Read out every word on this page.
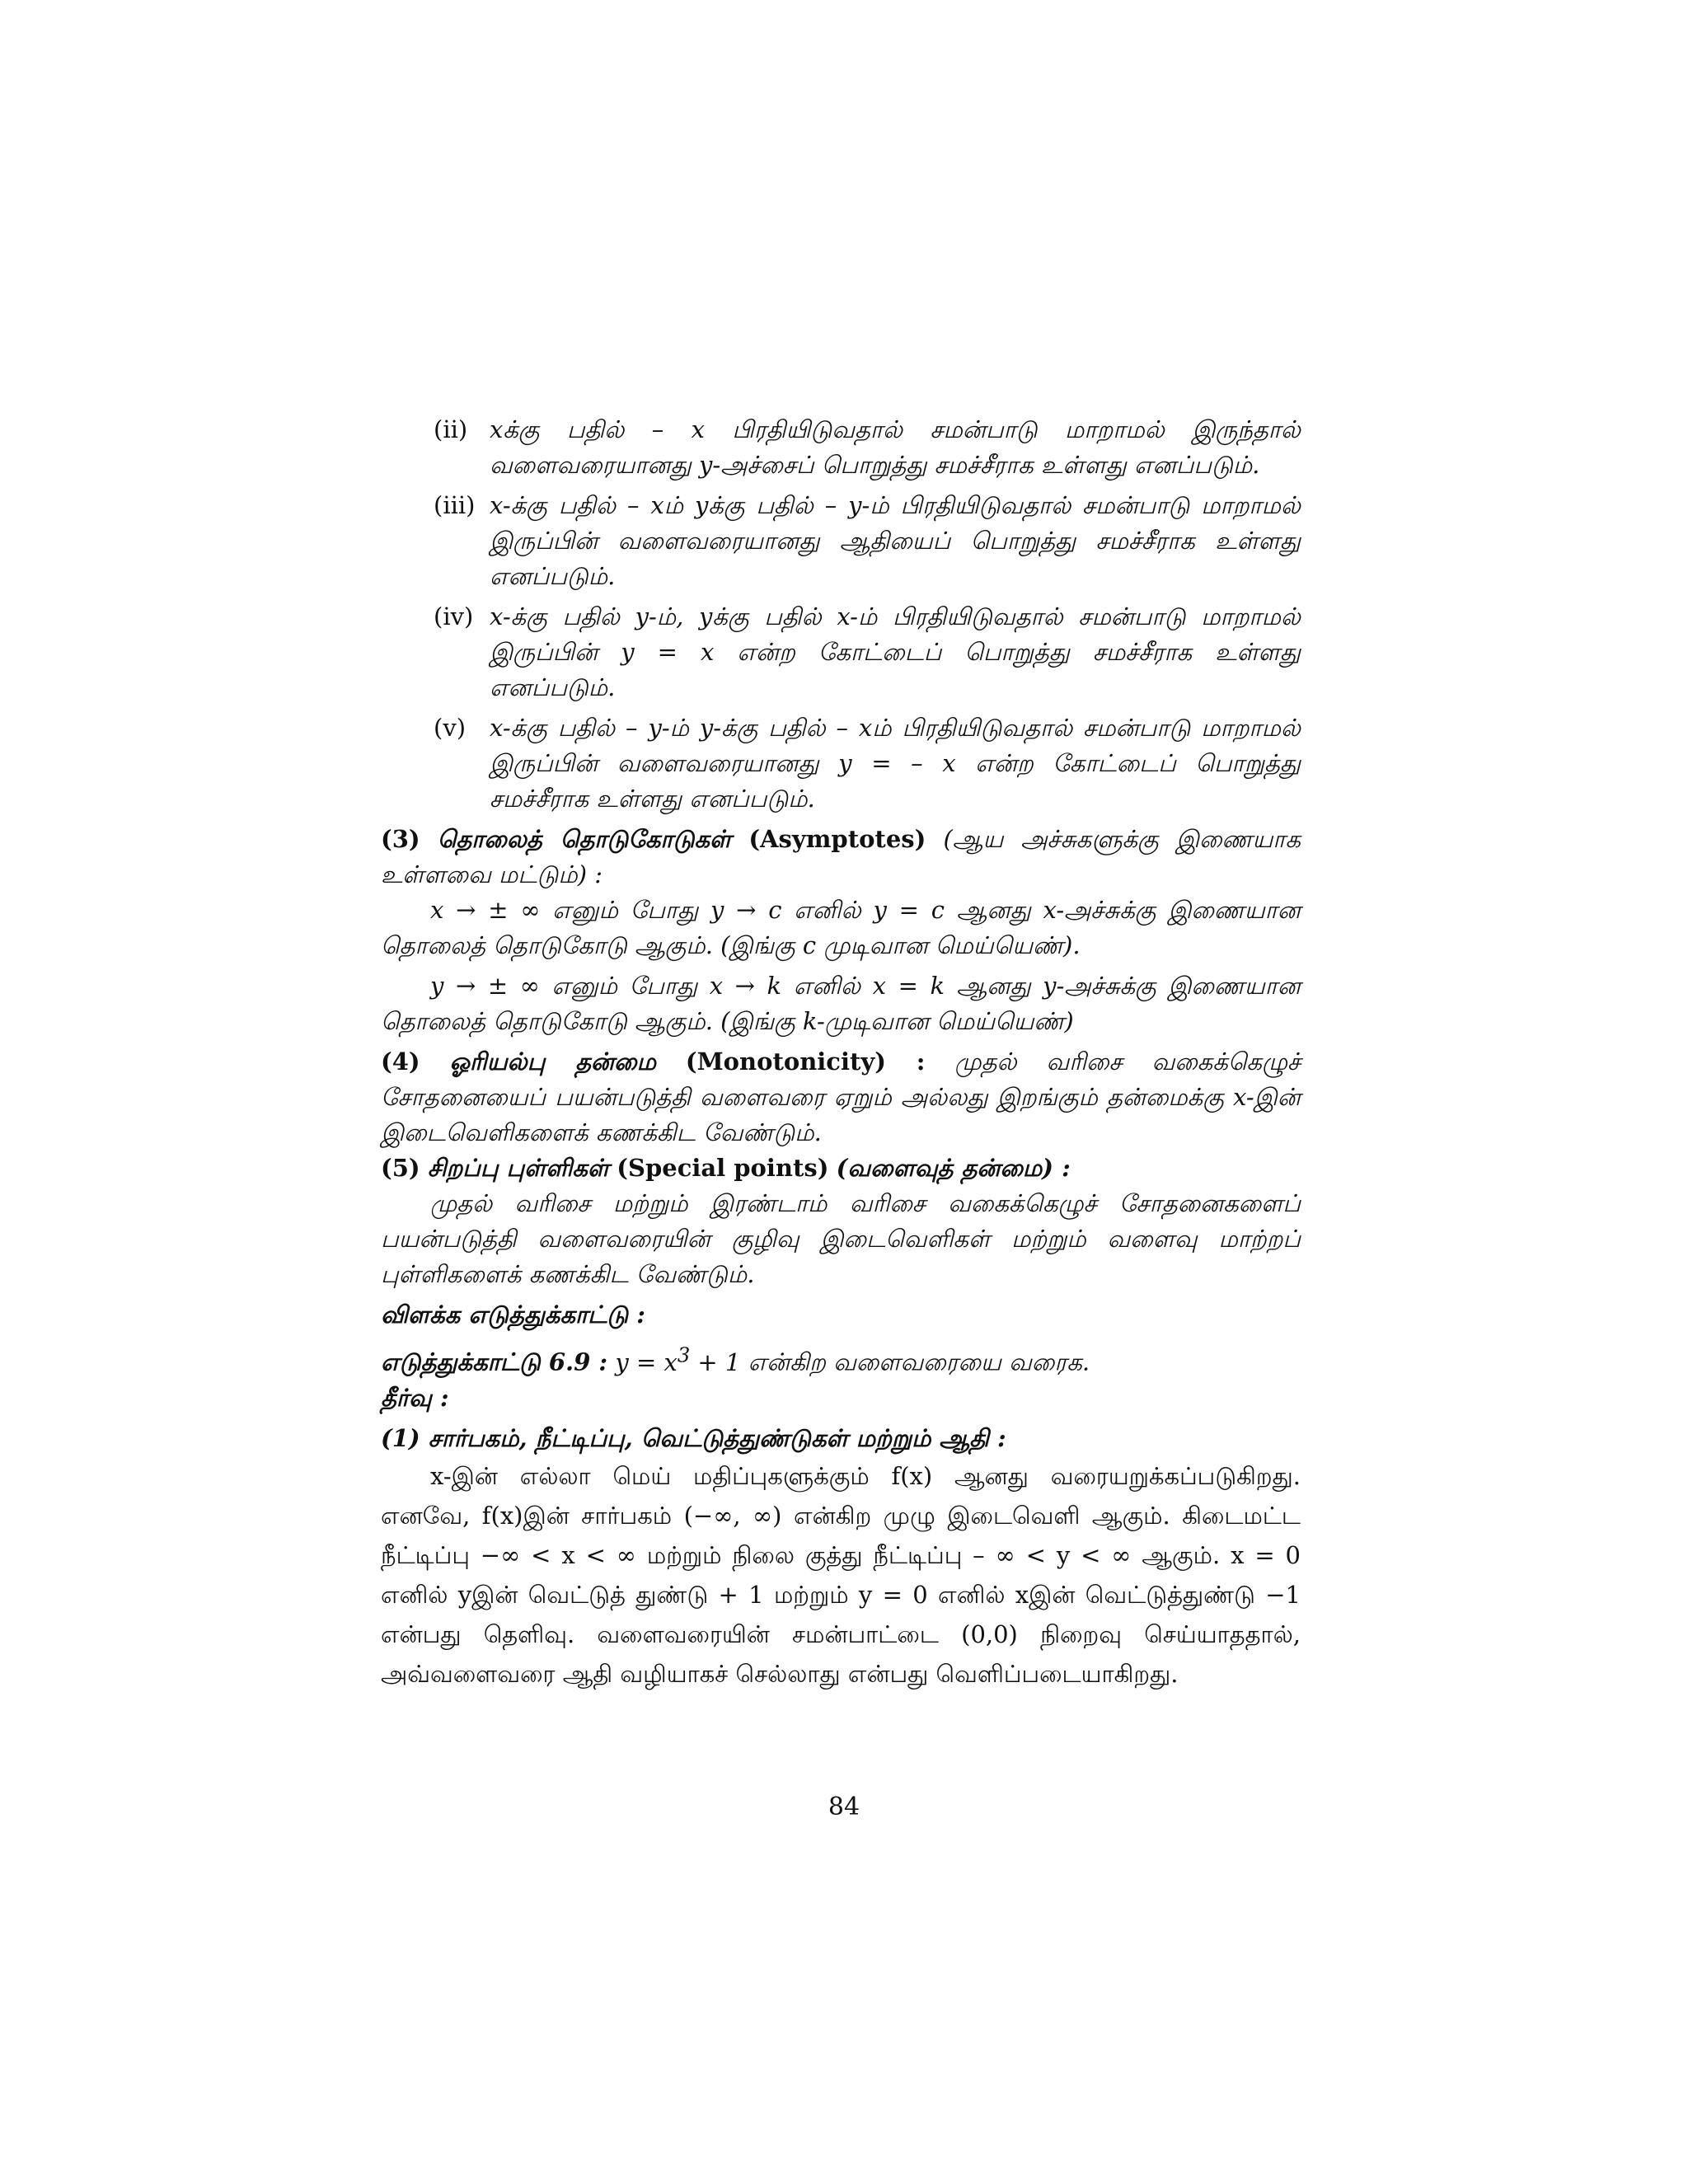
(ii) xக்கு பதில் – x பிரதியிடுவதால் சமன்பாடு மாறாமல் இருந்தால் வளைவரையானது y-அச்சைப் பொறுத்து சமச்சீராக உள்ளது எனப்படும்.
(iii) x-க்கு பதில் – xம் yக்கு பதில் – y-ம் பிரதியிடுவதால் சமன்பாடு மாறாமல் இருப்பின் வளைவரையானது ஆதியைப் பொறுத்து சமச்சீராக உள்ளது எனப்படும்.
(iv) x-க்கு பதில் y-ம், yக்கு பதில் x-ம் பிரதியிடுவதால் சமன்பாடு மாறாமல் இருப்பின் y = x என்ற கோட்டைப் பொறுத்து சமச்சீராக உள்ளது எனப்படும்.
(v) x-க்கு பதில் – y-ம் y-க்கு பதில் – xம் பிரதியிடுவதால் சமன்பாடு மாறாமல் இருப்பின் வளைவரையானது y = – x என்ற கோட்டைப் பொறுத்து சமச்சீராக உள்ளது எனப்படும்.

(3) தொலைத் தொடுகோடுகள் (Asymptotes) (ஆய அச்சுகளுக்கு இணையாக உள்ளவை மட்டும்) :

x → ± ∞ எனும் போது y → c எனில் y = c ஆனது x-அச்சுக்கு இணையான தொலைத் தொடுகோடு ஆகும். (இங்கு c முடிவான மெய்யெண்).

y → ± ∞ எனும் போது x → k எனில் x = k ஆனது y-அச்சுக்கு இணையான தொலைத் தொடுகோடு ஆகும். (இங்கு k-முடிவான மெய்யெண்)

(4) ஓரியல்பு தன்மை (Monotonicity) : முதல் வரிசை வகைக்கெழுச் சோதனையைப் பயன்படுத்தி வளைவரை ஏறும் அல்லது இறங்கும் தன்மைக்கு x-இன் இடைவெளிகளைக் கணக்கிட வேண்டும்.

(5) சிறப்பு புள்ளிகள் (Special points) (வளைவுத் தன்மை) :

முதல் வரிசை மற்றும் இரண்டாம் வரிசை வகைக்கெழுச் சோதனைகளைப் பயன்படுத்தி வளைவரையின் குழிவு இடைவெளிகள் மற்றும் வளைவு மாற்றப் புள்ளிகளைக் கணக்கிட வேண்டும்.

விளக்க எடுத்துக்காட்டு :

எடுத்துக்காட்டு 6.9 : $y = x^3 + 1$ என்கிற வளைவரையை வரைக.

தீர்வு :

(1) சார்பகம், நீட்டிப்பு, வெட்டுத்துண்டுகள் மற்றும் ஆதி :

x-இன் எல்லா மெய் மதிப்புகளுக்கும் f(x) ஆனது வரையறுக்கப்படுகிறது. எனவே, f(x)இன் சார்பகம் (−∞, ∞) என்கிற முழு இடைவெளி ஆகும். கிடைமட்ட நீட்டிப்பு −∞ < x < ∞ மற்றும் நிலை குத்து நீட்டிப்பு – ∞ < y < ∞ ஆகும். x = 0 எனில் yஇன் வெட்டுத் துண்டு + 1 மற்றும் y = 0 எனில் xஇன் வெட்டுத்துண்டு −1 என்பது தெளிவு. வளைவரையின் சமன்பாட்டை (0,0) நிறைவு செய்யாததால், அவ்வளைவரை ஆதி வழியாகச் செல்லாது என்பது வெளிப்படையாகிறது.

84
